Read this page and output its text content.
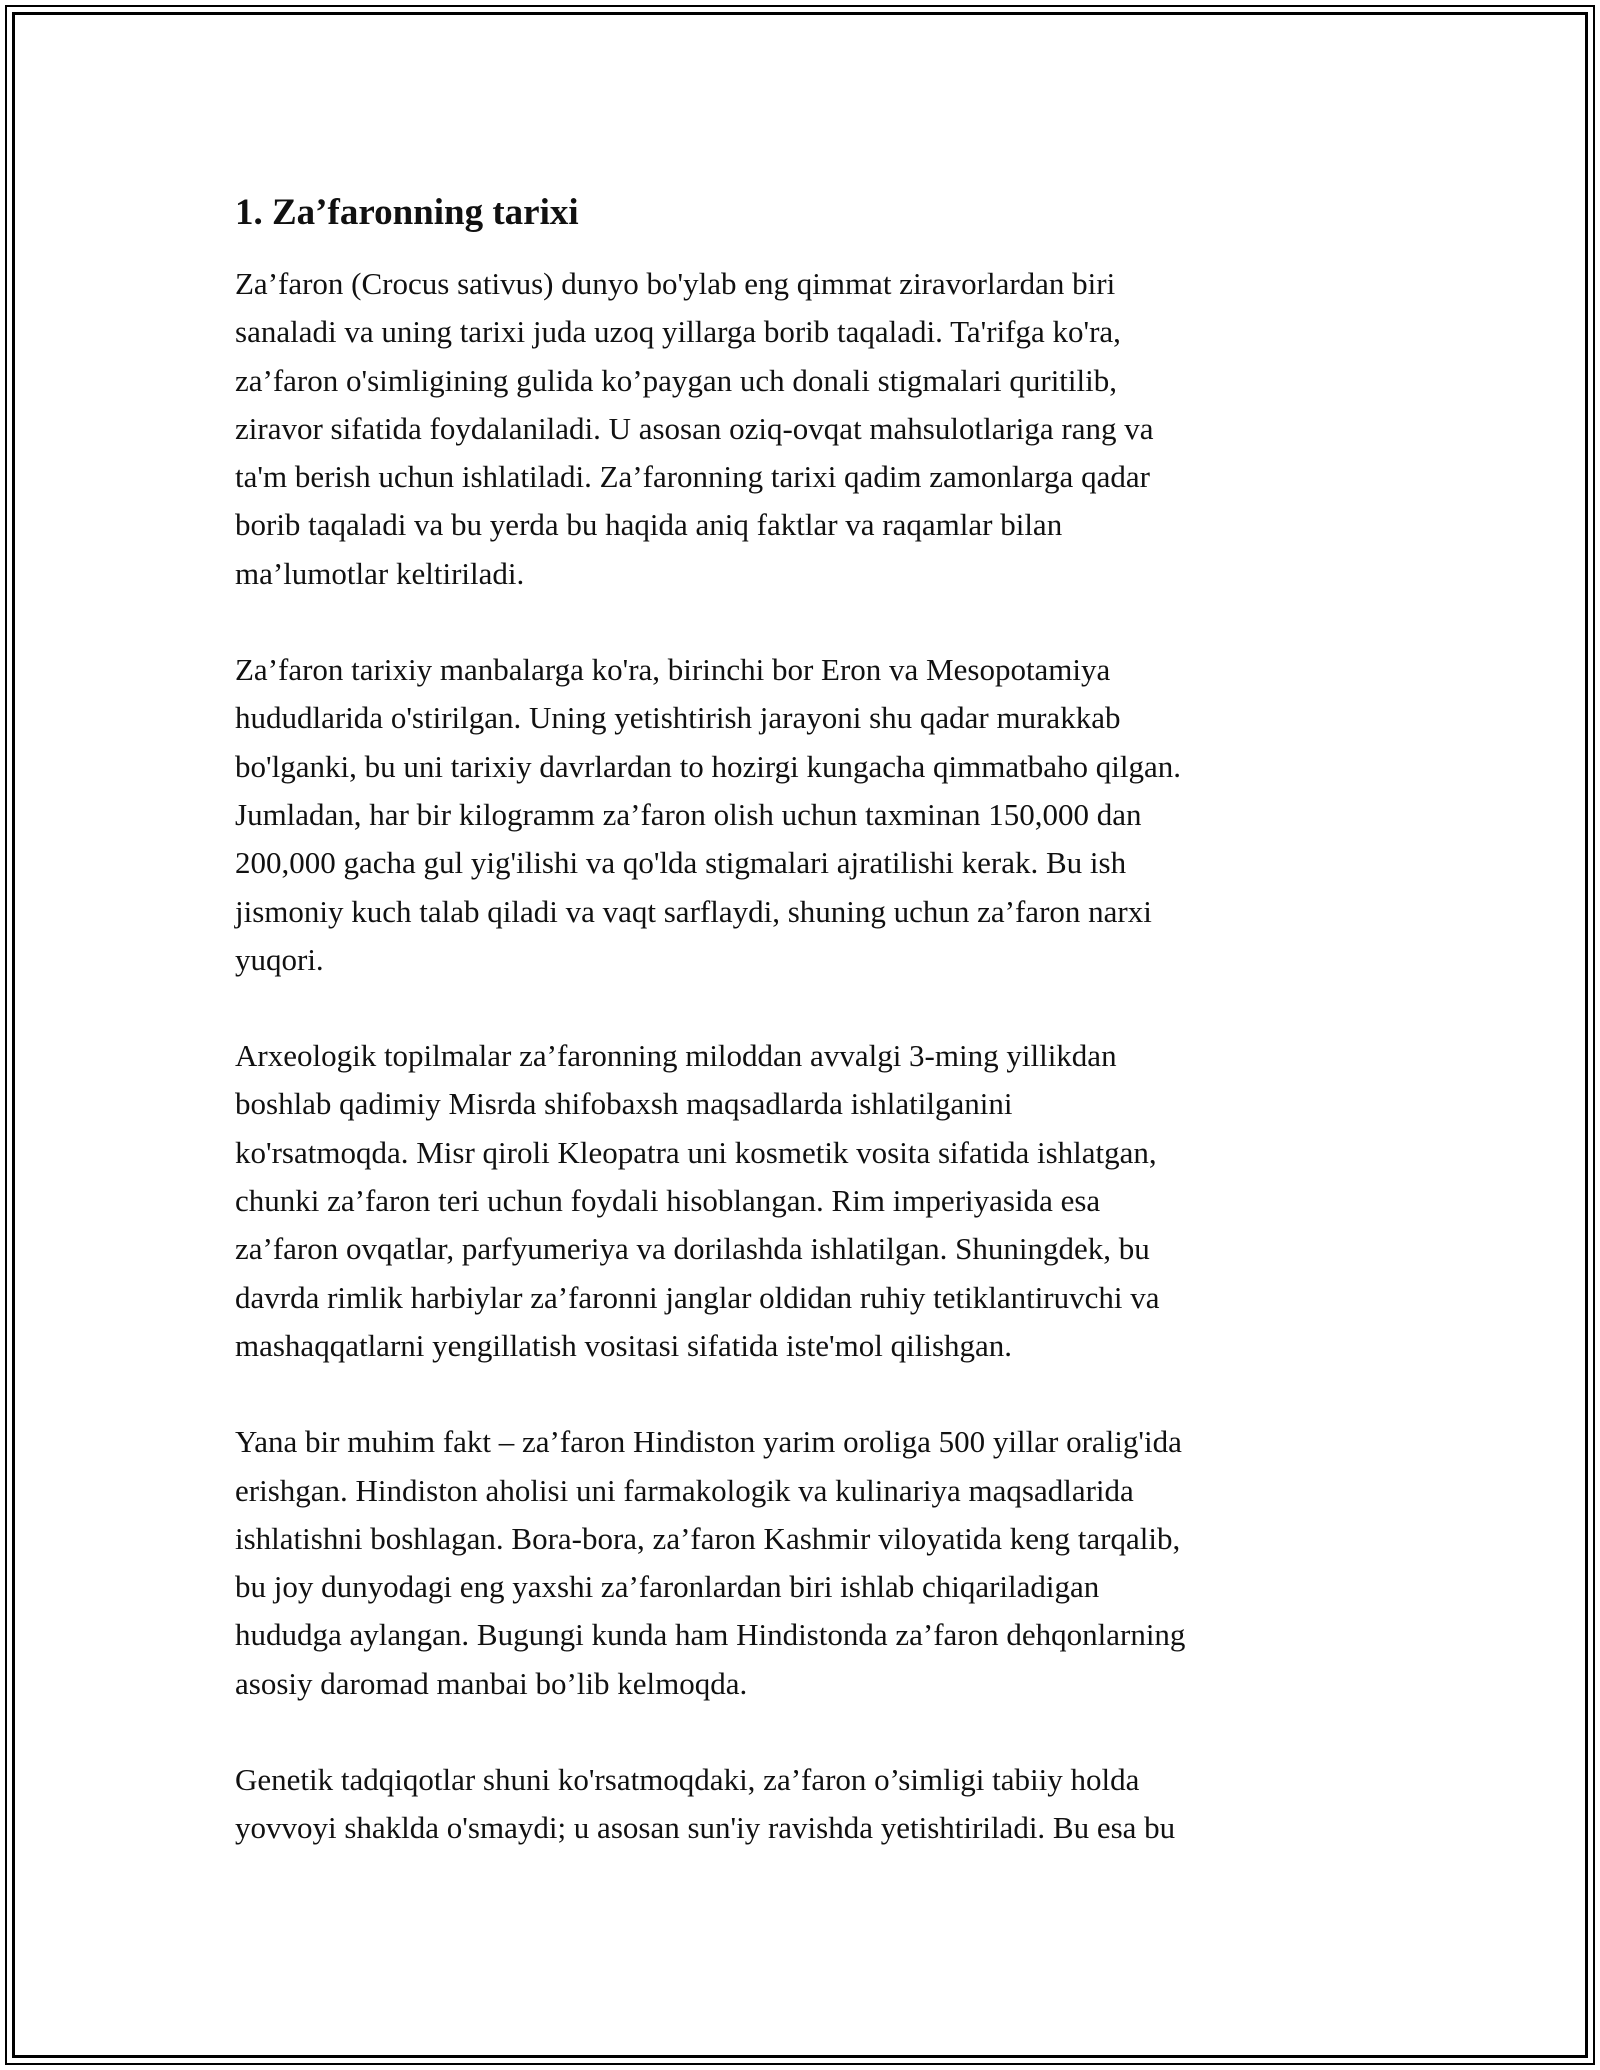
1. Za’faronning tarixi

Za’faron (Crocus sativus) dunyo bo'ylab eng qimmat ziravorlardan biri
sanaladi va uning tarixi juda uzoq yillarga borib taqaladi. Ta'rifga ko'ra,
za’faron o'simligining gulida ko’paygan uch donali stigmalari quritilib,
ziravor sifatida foydalaniladi. U asosan oziq-ovqat mahsulotlariga rang va
ta'm berish uchun ishlatiladi. Za’faronning tarixi qadim zamonlarga qadar
borib taqaladi va bu yerda bu haqida aniq faktlar va raqamlar bilan
ma’lumotlar keltiriladi.

Za’faron tarixiy manbalarga ko'ra, birinchi bor Eron va Mesopotamiya
hududlarida o'stirilgan. Uning yetishtirish jarayoni shu qadar murakkab
bo'lganki, bu uni tarixiy davrlardan to hozirgi kungacha qimmatbaho qilgan.
Jumladan, har bir kilogramm za’faron olish uchun taxminan 150,000 dan
200,000 gacha gul yig'ilishi va qo'lda stigmalari ajratilishi kerak. Bu ish
jismoniy kuch talab qiladi va vaqt sarflaydi, shuning uchun za’faron narxi
yuqori.

Arxeologik topilmalar za’faronning miloddan avvalgi 3-ming yillikdan
boshlab qadimiy Misrda shifobaxsh maqsadlarda ishlatilganini
ko'rsatmoqda. Misr qiroli Kleopatra uni kosmetik vosita sifatida ishlatgan,
chunki za’faron teri uchun foydali hisoblangan. Rim imperiyasida esa
za’faron ovqatlar, parfyumeriya va dorilashda ishlatilgan. Shuningdek, bu
davrda rimlik harbiylar za’faronni janglar oldidan ruhiy tetiklantiruvchi va
mashaqqatlarni yengillatish vositasi sifatida iste'mol qilishgan.

Yana bir muhim fakt – za’faron Hindiston yarim oroliga 500 yillar oralig'ida
erishgan. Hindiston aholisi uni farmakologik va kulinariya maqsadlarida
ishlatishni boshlagan. Bora-bora, za’faron Kashmir viloyatida keng tarqalib,
bu joy dunyodagi eng yaxshi za’faronlardan biri ishlab chiqariladigan
hududga aylangan. Bugungi kunda ham Hindistonda za’faron dehqonlarning
asosiy daromad manbai bo’lib kelmoqda.

Genetik tadqiqotlar shuni ko'rsatmoqdaki, za’faron o’simligi tabiiy holda
yovvoyi shaklda o'smaydi; u asosan sun'iy ravishda yetishtiriladi. Bu esa bu
